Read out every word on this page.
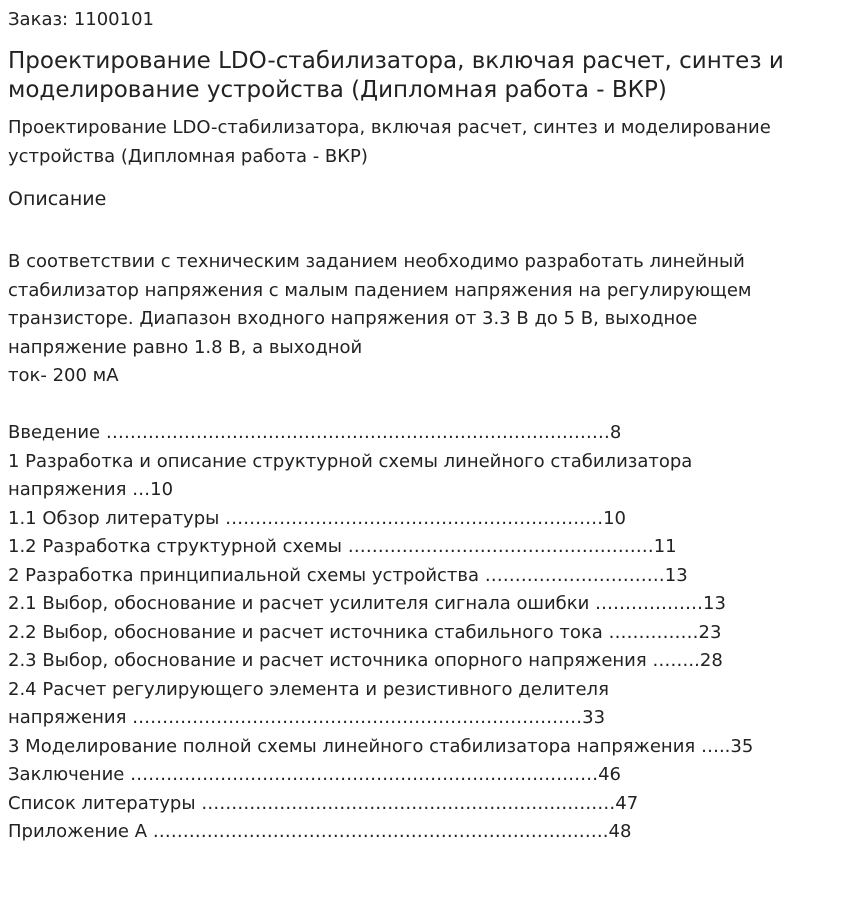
Заказ: 1100101

Проектирование LDO-стабилизатора, включая расчет, синтез и моделирование устройства (Дипломная работа - ВКР)

Проектирование LDO-стабилизатора, включая расчет, синтез и моделирование устройства (Дипломная работа - ВКР)

Описание

В соответствии с техническим заданием необходимо разработать линейный

стабилизатор напряжения с малым падением напряжения на регулирующем

транзисторе. Диапазон входного напряжения от 3.3 В до 5 В, выходное

напряжение равно 1.8 В, а выходной

ток- 200 мА

Введение …………………………………………………………………………8
1 Разработка и описание структурной схемы линейного стабилизатора
напряжения …10
1.1 Обзор литературы ………………………………………………………10
1.2 Разработка структурной схемы ……………………………………………11
2 Разработка принципиальной схемы устройства …………………………13
2.1 Выбор, обоснование и расчет усилителя сигнала ошибки ………………13
2.2 Выбор, обоснование и расчет источника стабильного тока ……………23
2.3 Выбор, обоснование и расчет источника опорного напряжения ……..28
2.4 Расчет регулирующего элемента и резистивного делителя
напряжения …………………………………………………………………33
3 Моделирование полной схемы линейного стабилизатора напряжения …..35
Заключение ……………………………………………………………………46
Список литературы ……………………………………………………………47
Приложение А ………………………………………………………………….48
